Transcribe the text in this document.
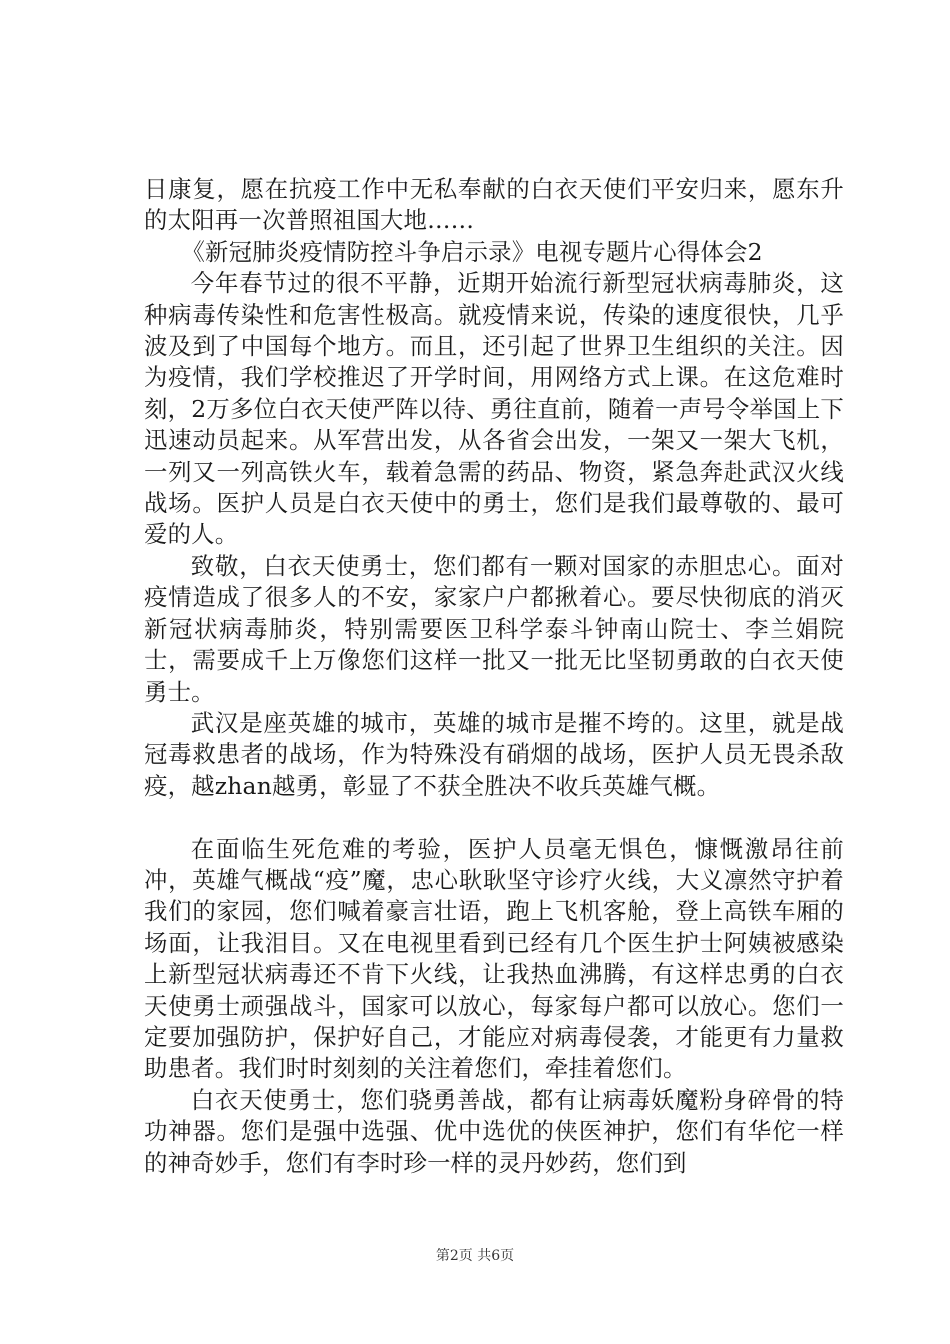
日康复，愿在抗疫工作中无私奉献的白衣天使们平安归来，愿东升的太阳再一次普照祖国大地……

《新冠肺炎疫情防控斗争启示录》电视专题片心得体会2

今年春节过的很不平静，近期开始流行新型冠状病毒肺炎，这种病毒传染性和危害性极高。就疫情来说，传染的速度很快，几乎波及到了中国每个地方。而且，还引起了世界卫生组织的关注。因为疫情，我们学校推迟了开学时间，用网络方式上课。在这危难时刻，2万多位白衣天使严阵以待、勇往直前，随着一声号令举国上下迅速动员起来。从军营出发，从各省会出发，一架又一架大飞机，一列又一列高铁火车，载着急需的药品、物资，紧急奔赴武汉火线战场。医护人员是白衣天使中的勇士，您们是我们最尊敬的、最可爱的人。

致敬，白衣天使勇士，您们都有一颗对国家的赤胆忠心。面对疫情造成了很多人的不安，家家户户都揪着心。要尽快彻底的消灭新冠状病毒肺炎，特别需要医卫科学泰斗钟南山院士、李兰娟院士，需要成千上万像您们这样一批又一批无比坚韧勇敢的白衣天使勇士。

武汉是座英雄的城市，英雄的城市是摧不垮的。这里，就是战冠毒救患者的战场，作为特殊没有硝烟的战场，医护人员无畏杀敌疫，越zhan越勇，彰显了不获全胜决不收兵英雄气概。

在面临生死危难的考验，医护人员毫无惧色，慷慨激昂往前冲，英雄气概战“疫”魔，忠心耿耿坚守诊疗火线，大义凛然守护着我们的家园，您们喊着豪言壮语，跑上飞机客舱，登上高铁车厢的场面，让我泪目。又在电视里看到已经有几个医生护士阿姨被感染上新型冠状病毒还不肯下火线，让我热血沸腾，有这样忠勇的白衣天使勇士顽强战斗，国家可以放心，每家每户都可以放心。您们一定要加强防护，保护好自己，才能应对病毒侵袭，才能更有力量救助患者。我们时时刻刻的关注着您们，牵挂着您们。

白衣天使勇士，您们骁勇善战，都有让病毒妖魔粉身碎骨的特功神器。您们是强中选强、优中选优的侠医神护，您们有华佗一样的神奇妙手，您们有李时珍一样的灵丹妙药，您们到

第2页 共6页
